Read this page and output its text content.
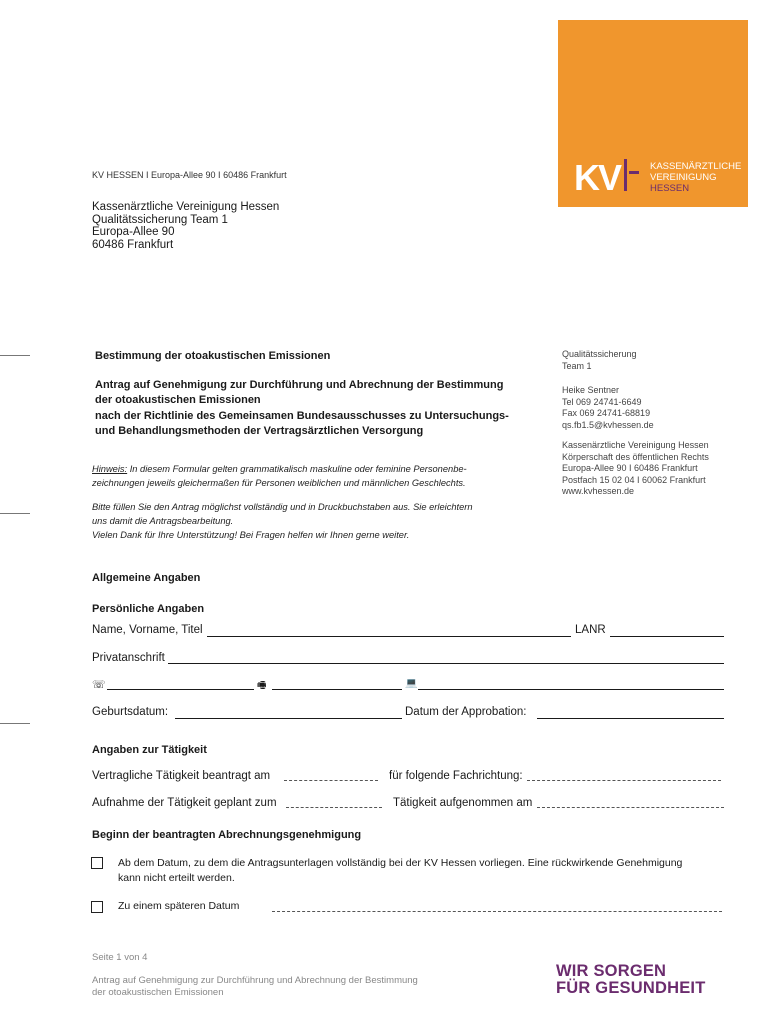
KV	KASSENÄRZTLICHE
VEREINIGUNG
HESSEN
KV HESSEN I Europa-Allee 90 I 60486 Frankfurt
Kassenärztliche Vereinigung Hessen
Qualitätssicherung Team 1
Europa-Allee 90
60486 Frankfurt
Qualitätssicherung
Team 1
Heike Sentner
Tel 069 24741-6649
Fax 069 24741-68819
qs.fb1.5@kvhessen.de
Kassenärztliche Vereinigung Hessen
Körperschaft des öffentlichen Rechts
Europa-Allee 90 I 60486 Frankfurt
Postfach 15 02 04 I 60062 Frankfurt
www.kvhessen.de
Bestimmung der otoakustischen Emissionen
Antrag auf Genehmigung zur Durchführung und Abrechnung der Bestimmung
der otoakustischen Emissionen
nach der Richtlinie des Gemeinsamen Bundesausschusses zu Untersuchungs-
und Behandlungsmethoden der Vertragsärztlichen Versorgung
Hinweis: In diesem Formular gelten grammatikalisch maskuline oder feminine Personenbe-
zeichnungen jeweils gleichermaßen für Personen weiblichen und männlichen Geschlechts.
Bitte füllen Sie den Antrag möglichst vollständig und in Druckbuchstaben aus. Sie erleichtern
uns damit die Antragsbearbeitung.
Vielen Dank für Ihre Unterstützung! Bei Fragen helfen wir Ihnen gerne weiter.
Allgemeine Angaben
Persönliche Angaben
Name, Vorname, Titel	LANR
Privatanschrift
☏	🖷	💻
Geburtsdatum:	Datum der Approbation:
Angaben zur Tätigkeit
Vertragliche Tätigkeit beantragt am	für folgende Fachrichtung:
Aufnahme der Tätigkeit geplant zum	Tätigkeit aufgenommen am
Beginn der beantragten Abrechnungsgenehmigung
Ab dem Datum, zu dem die Antragsunterlagen vollständig bei der KV Hessen vorliegen. Eine rückwirkende Genehmigung
kann nicht erteilt werden.
Zu einem späteren Datum
Seite 1 von 4
Antrag auf Genehmigung zur Durchführung und Abrechnung der Bestimmung
der otoakustischen Emissionen
WIR SORGEN
FÜR GESUNDHEIT
